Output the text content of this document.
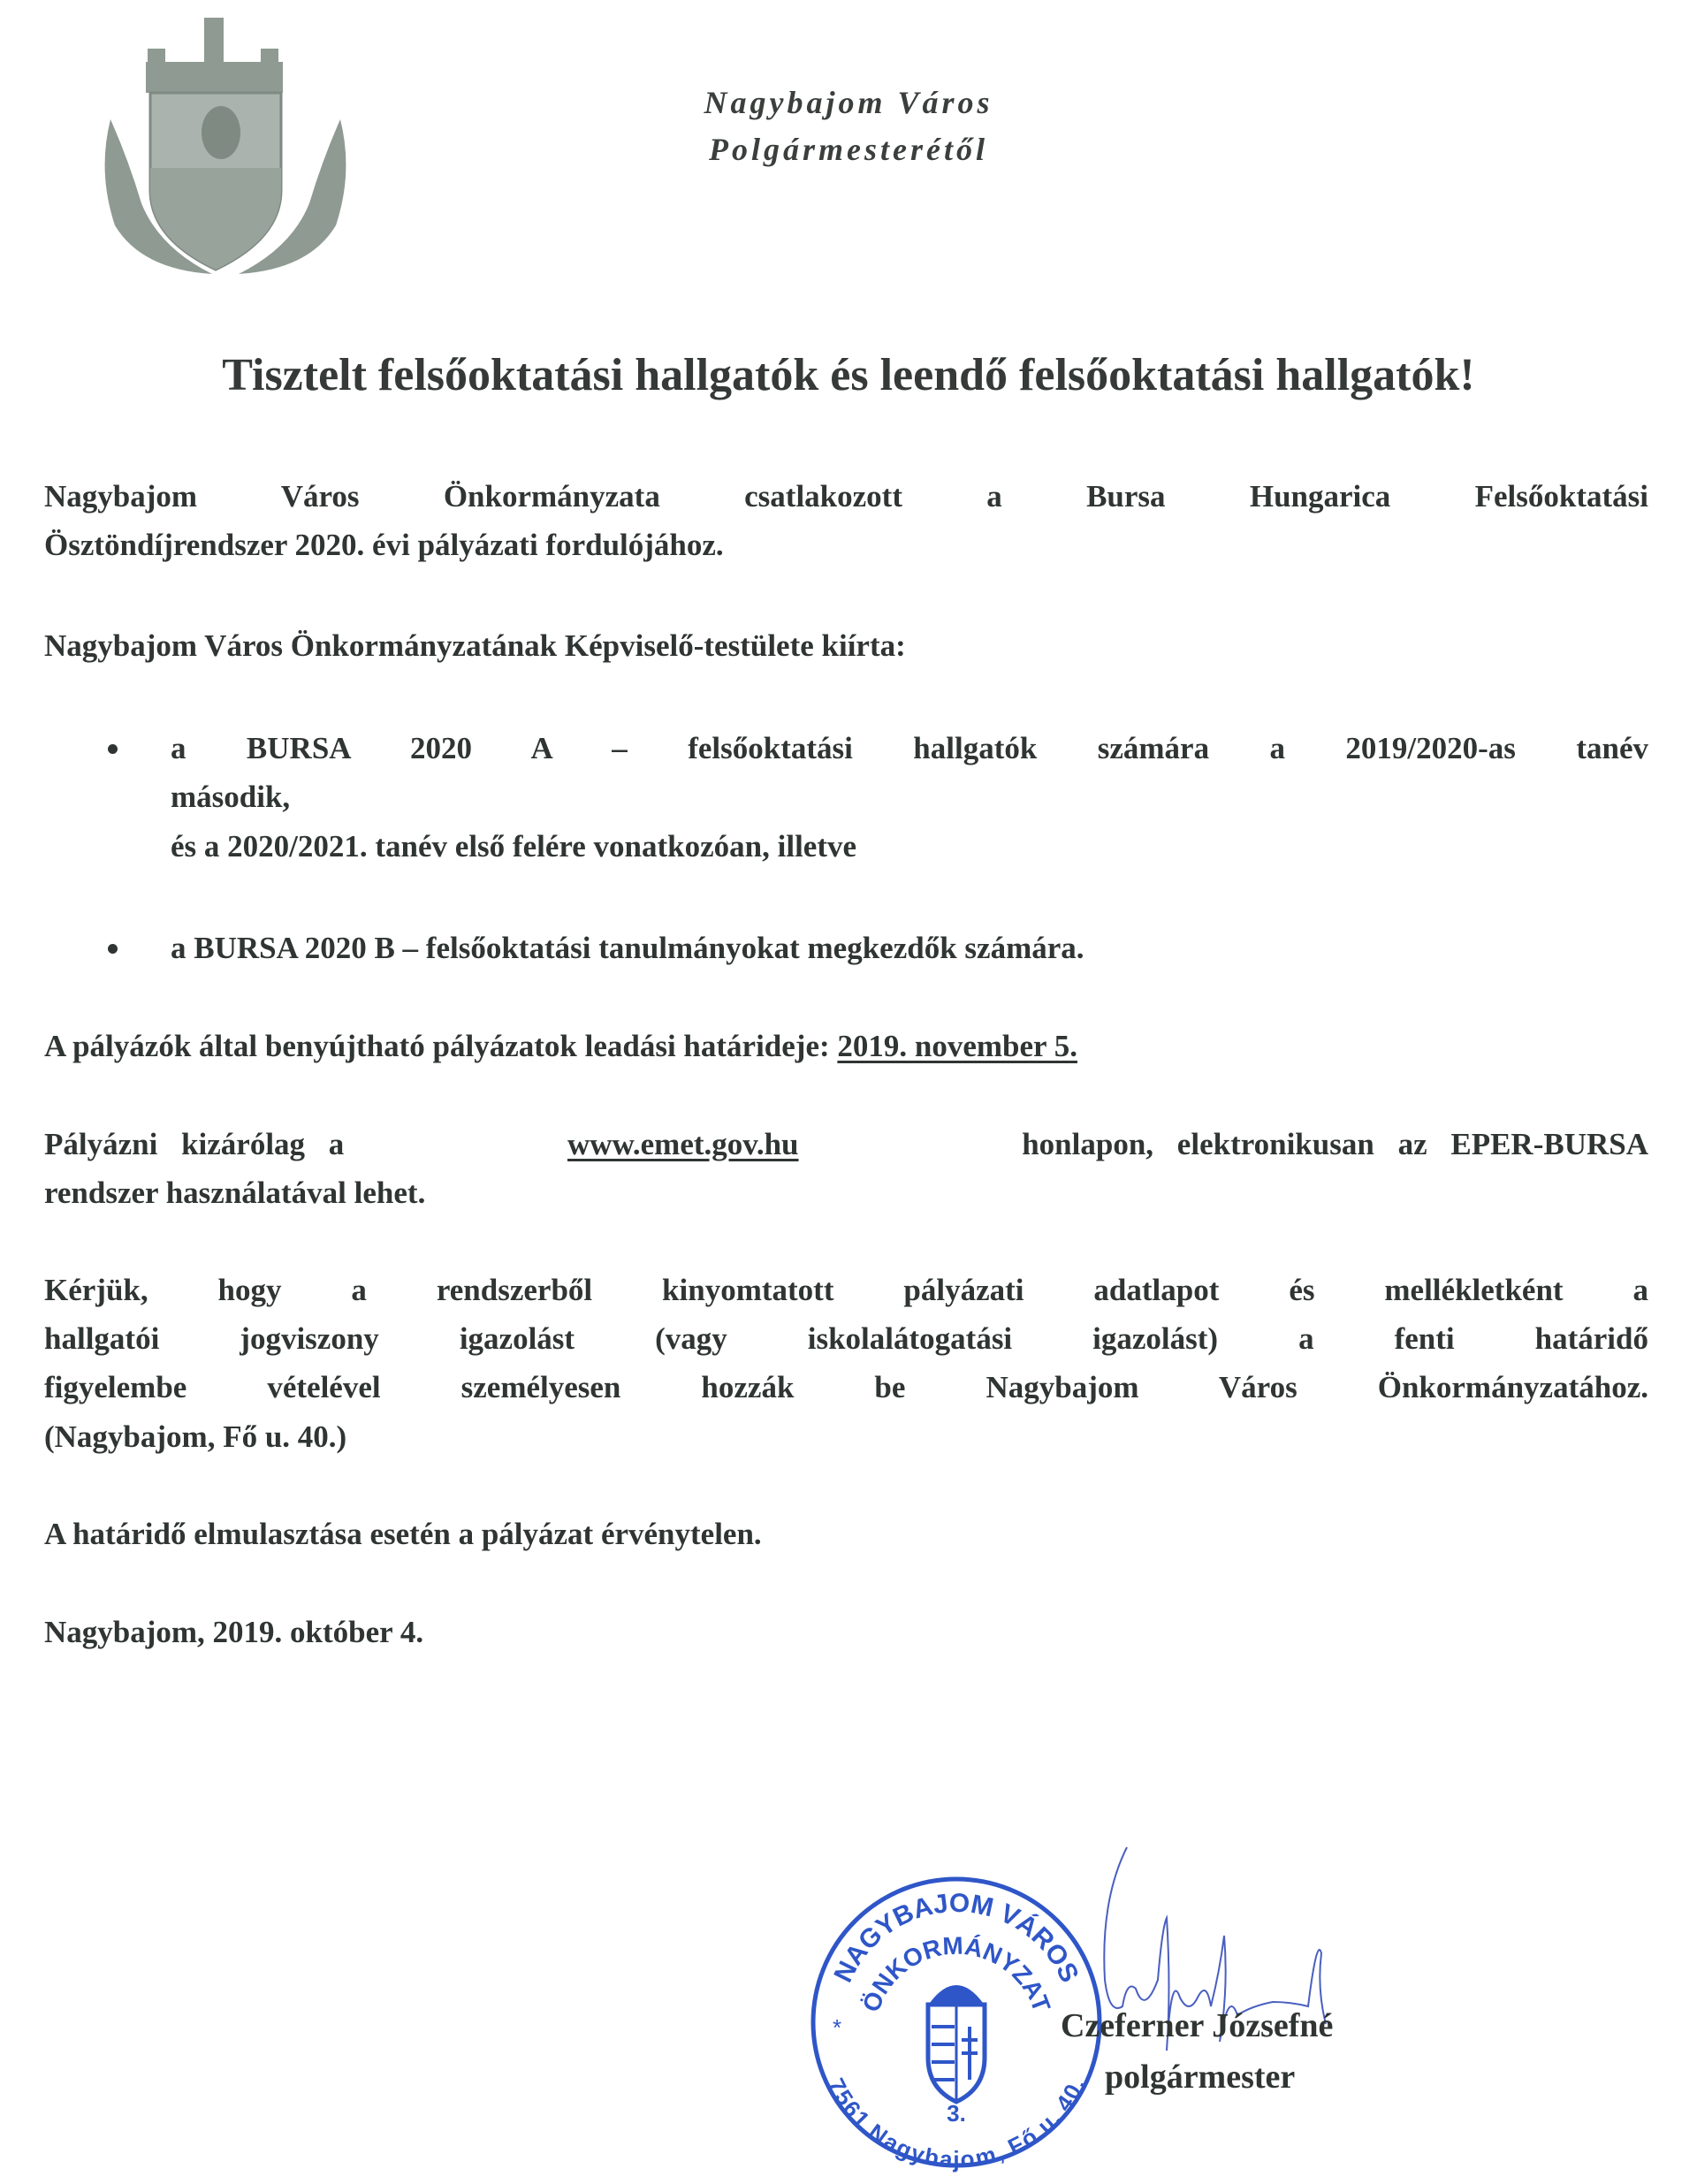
Nagybajom Város
Polgármesterétől
Tisztelt felsőoktatási hallgatók és leendő felsőoktatási hallgatók!
Nagybajom Város Önkormányzata csatlakozott a Bursa Hungarica Felsőoktatási
Ösztöndíjrendszer 2020. évi pályázati fordulójához.
Nagybajom Város Önkormányzatának Képviselő-testülete kiírta:
a BURSA 2020 A – felsőoktatási hallgatók számára a 2019/2020-as tanév
második,
és a 2020/2021. tanév első felére vonatkozóan, illetve
a BURSA 2020 B – felsőoktatási tanulmányokat megkezdők számára.
A pályázók által benyújtható pályázatok leadási határideje: 2019. november 5.
Pályázni kizárólag a	www.emet.gov.hu	honlapon, elektronikusan az EPER-BURSA
rendszer használatával lehet.
Kérjük, hogy a rendszerből kinyomtatott pályázati adatlapot és mellékletként a
hallgatói jogviszony igazolást (vagy iskolalátogatási igazolást) a fenti határidő
figyelembe vételével személyesen hozzák be Nagybajom Város Önkormányzatához.
(Nagybajom, Fő u. 40.)
A határidő elmulasztása esetén a pályázat érvénytelen.
Nagybajom, 2019. október 4.
NAGYBAJOM VÁROS
ÖNKORMÁNYZAT
7561 Nagybajom, Fő u. 40.
*
3.
Czeferner Józsefné
polgármester
